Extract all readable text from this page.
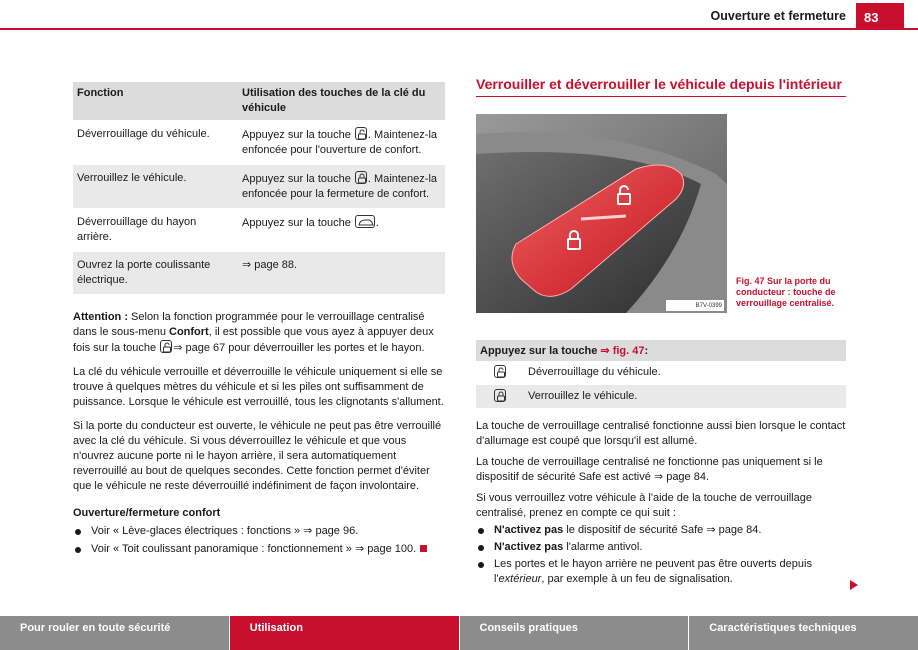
Ouverture et fermeture	83
Fonction	Utilisation des touches de la clé du véhicule
Déverrouillage du véhicule.	Appuyez sur la touche . Maintenez-la enfoncée pour l'ouverture de confort.
Verrouillez le véhicule.	Appuyez sur la touche . Maintenez-la enfoncée pour la fermeture de confort.
Déverrouillage du hayon arrière.	Appuyez sur la touche .
Ouvrez la porte coulissante électrique.	⇒ page 88.

Attention : Selon la fonction programmée pour le verrouillage centralisé dans le sous-menu Confort, il est possible que vous ayez à appuyer deux fois sur la touche
⇒ page 67 pour déverrouiller les portes et le hayon.

La clé du véhicule verrouille et déverrouille le véhicule uniquement si elle se trouve à quelques mètres du véhicule et si les piles ont suffisamment de puissance. Lorsque le véhicule est verrouillé, tous les clignotants s'allument.

Si la porte du conducteur est ouverte, le véhicule ne peut pas être verrouillé avec la clé du véhicule. Si vous déverrouillez le véhicule et que vous n'ouvrez aucune porte ni le hayon arrière, il sera automatiquement reverrouillé au bout de quelques secondes. Cette fonction permet d'éviter que le véhicule ne reste déverrouillé indéfiniment de façon involontaire.

Ouverture/fermeture confort
Voir « Lève-glaces électriques : fonctions » ⇒ page 96.
Voir « Toit coulissant panoramique : fonctionnement » ⇒ page 100.
Verrouiller et déverrouiller le véhicule depuis l'intérieur
B7V-0399
Fig. 47 Sur la porte du conducteur : touche de verrouillage centralisé.
Appuyez sur la touche ⇒ fig. 47:
Déverrouillage du véhicule.
Verrouillez le véhicule.

La touche de verrouillage centralisé fonctionne aussi bien lorsque le contact d'allumage est coupé que lorsqu'il est allumé.

La touche de verrouillage centralisé ne fonctionne pas uniquement si le dispositif de sécurité Safe est activé ⇒ page 84.

Si vous verrouillez votre véhicule à l'aide de la touche de verrouillage centralisé, prenez en compte ce qui suit :

N'activez pas le dispositif de sécurité Safe ⇒ page 84.
N'activez pas l'alarme antivol.
Les portes et le hayon arrière ne peuvent pas être ouverts depuis l'extérieur, par exemple à un feu de signalisation.
Pour rouler en toute sécurité	Utilisation	Conseils pratiques	Caractéristiques techniques
